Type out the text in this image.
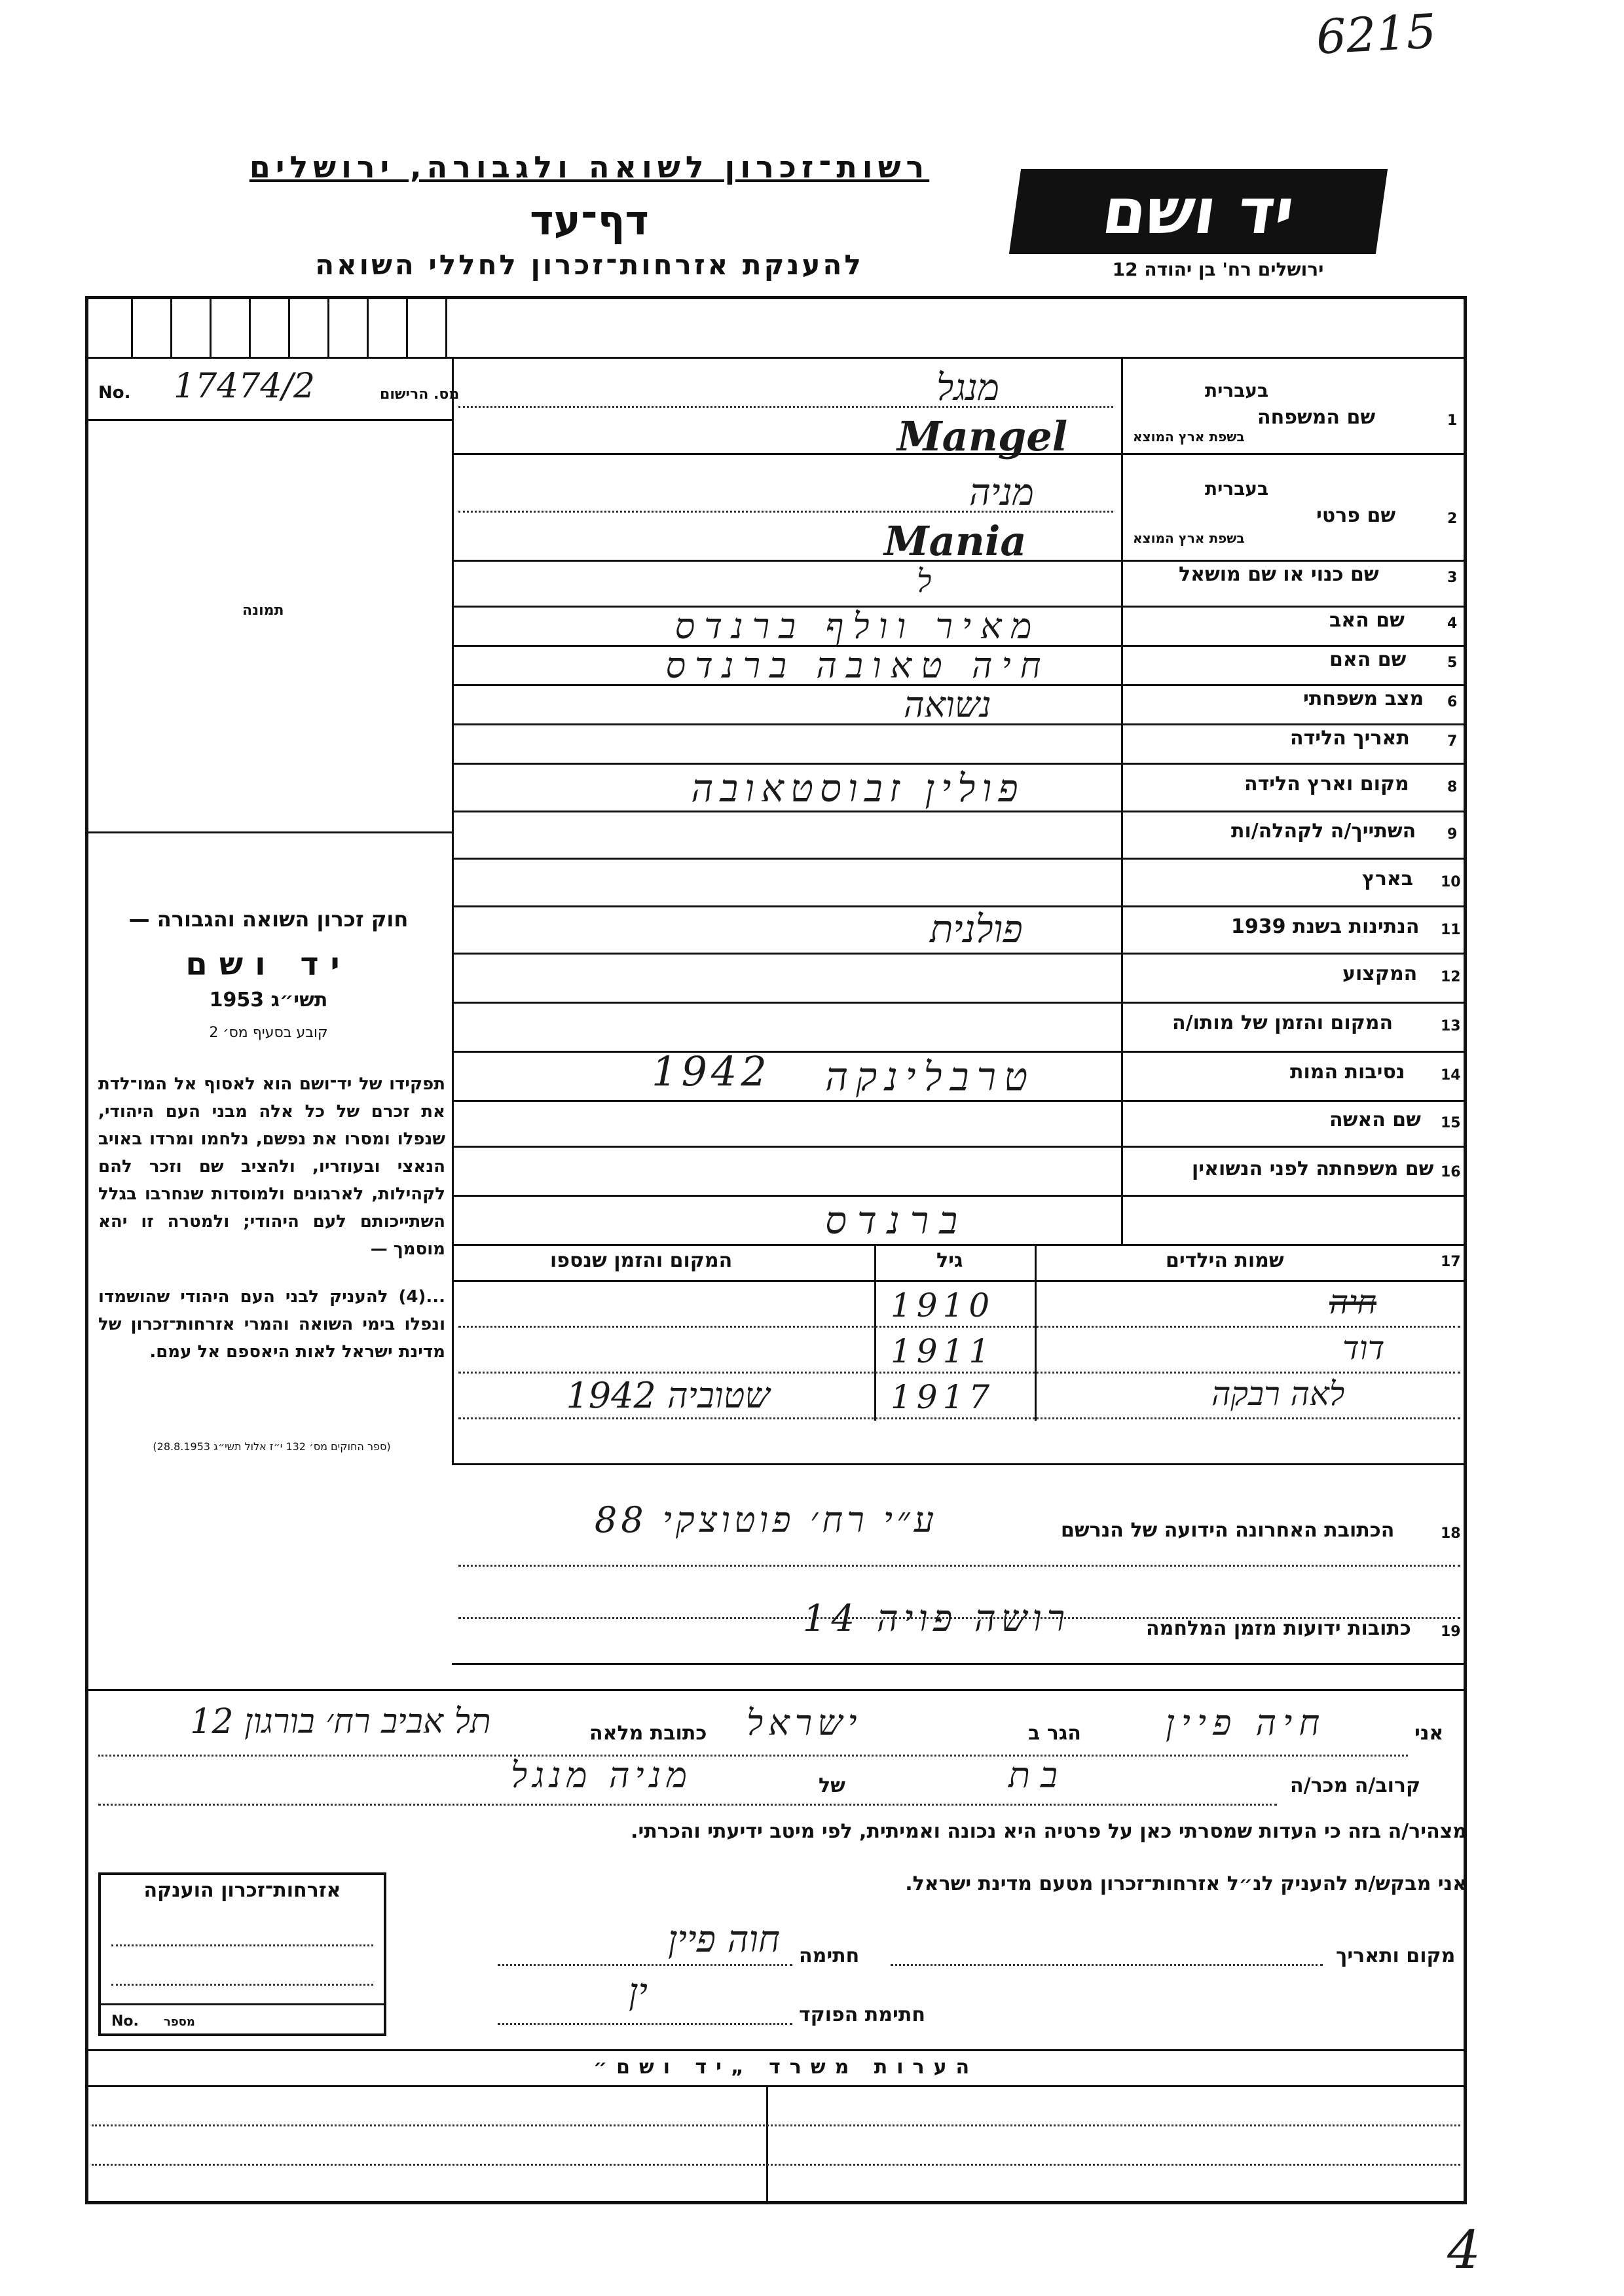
6215
4
רשות־זכרון לשואה ולגבורה, ירושלים
דף־עד
להענקת אזרחות־זכרון לחללי השואה
יד ושם
ירושלים רח' בן יהודה 12
No. 17474/2	מס. הרישום
תמונה
חוק זכרון השואה והגבורה —
יד ושם
תשי״ג 1953
קובע בסעיף מס׳ 2
תפקידו של יד־ושם הוא לאסוף אל המו־לדת את זכרם של כל אלה מבני העם היהודי, שנפלו ומסרו את נפשם, נלחמו ומרדו באויב הנאצי ובעוזריו, ולהציב שם וזכר להם לקהילות, לארגונים ולמוסדות שנחרבו בגלל השתייכותם לעם היהודי; ולמטרה זו יהא מוסמך —
...(4) להעניק לבני העם היהודי שהושמדו ונפלו בימי השואה והמרי אזרחות־זכרון של מדינת ישראל לאות היאספם אל עמם.
(ספר החוקים מס׳ 132 י״ז אלול תשי״ג 28.8.1953)
1
שם המשפחה
בעברית
בשפת ארץ המוצא
מנגל
Mangel
2
שם פרטי
בעברית
בשפת ארץ המוצא
מניה
Mania
3
שם כנוי או שם מושאל
ל
4
שם האב
מאיר וולף ברנדס
5
שם האם
חיה טאובה ברנדס
6
מצב משפחתי
נשואה
7
תאריך הלידה
8
מקום וארץ הלידה
פולין זבוסטאובה
9
השתייך/ה לקהלה/ות
10
בארץ
11
הנתינות בשנת 1939
פולנית
12
המקצוע
13
המקום והזמן של מותו/ה
1942 טרבלינקה	14
נסיבות המות
15
שם האשה
16
שם משפחתה לפני הנשואין
ברנדס
17
שמות הילדים
גיל
המקום והזמן שנספו
חיה
1910
דוד
1911
לאה רבקה
1917
שטוביה 1942
18
הכתובת האחרונה הידועה של הנרשם
ע״י רח׳ פוטוצקי 88
19
כתובות ידועות מזמן המלחמה
רושה פויה 14
אני
חיה פיין
הגר ב
ישראל
כתובת מלאה
תל אביב רח׳ בורגון 12
קרוב/ה מכר/ה
בת
של
מניה מנגל
מצהיר/ה בזה כי העדות שמסרתי כאן על פרטיה היא נכונה ואמיתית, לפי מיטב ידיעתי והכרתי.
אני מבקש/ת להעניק לנ״ל אזרחות־זכרון מטעם מדינת ישראל.
מקום ותאריך
חתימה
חוה פיין
חתימת הפוקד
ין
אזרחות־זכרון הוענקה
No. מספר
הערות משרד „יד ושם״
